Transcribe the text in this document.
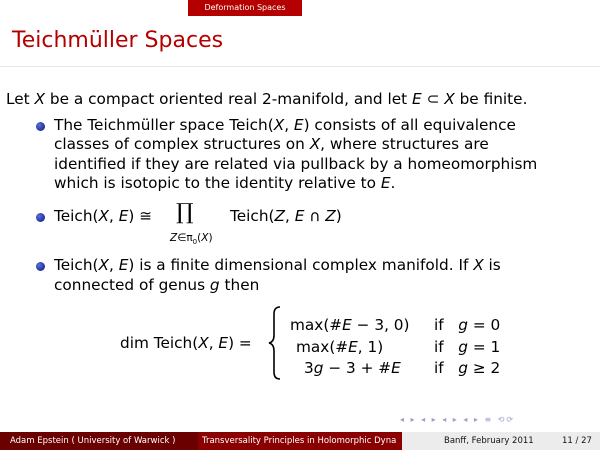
Deformation Spaces
Teichmüller Spaces
Let X be a compact oriented real 2-manifold, and let E ⊂ X be finite.
The Teichmüller space Teich(X, E) consists of all equivalence
classes of complex structures on X, where structures are
identified if they are related via pullback by a homeomorphism
which is isotopic to the identity relative to E.
Teich(X, E) ≅ ∏
$Z\in\pi_0(X)$
Teich(Z, E ∩ Z)
Teich(X, E) is a finite dimensional complex manifold. If X is
connected of genus g then
dim Teich(X, E) =
max(#E − 3, 0) if g = 0
max(#E, 1)	if g = 1
3g − 3 + #E if g ≥ 2
◂ ▸ ◂ ▸ ◂ ▸ ◂ ▸ ≡ ⟲⟳
Adam Epstein ( University of Warwick )	Transversality Principles in Holomorphic Dyna	Banff, February 2011	11 / 27
